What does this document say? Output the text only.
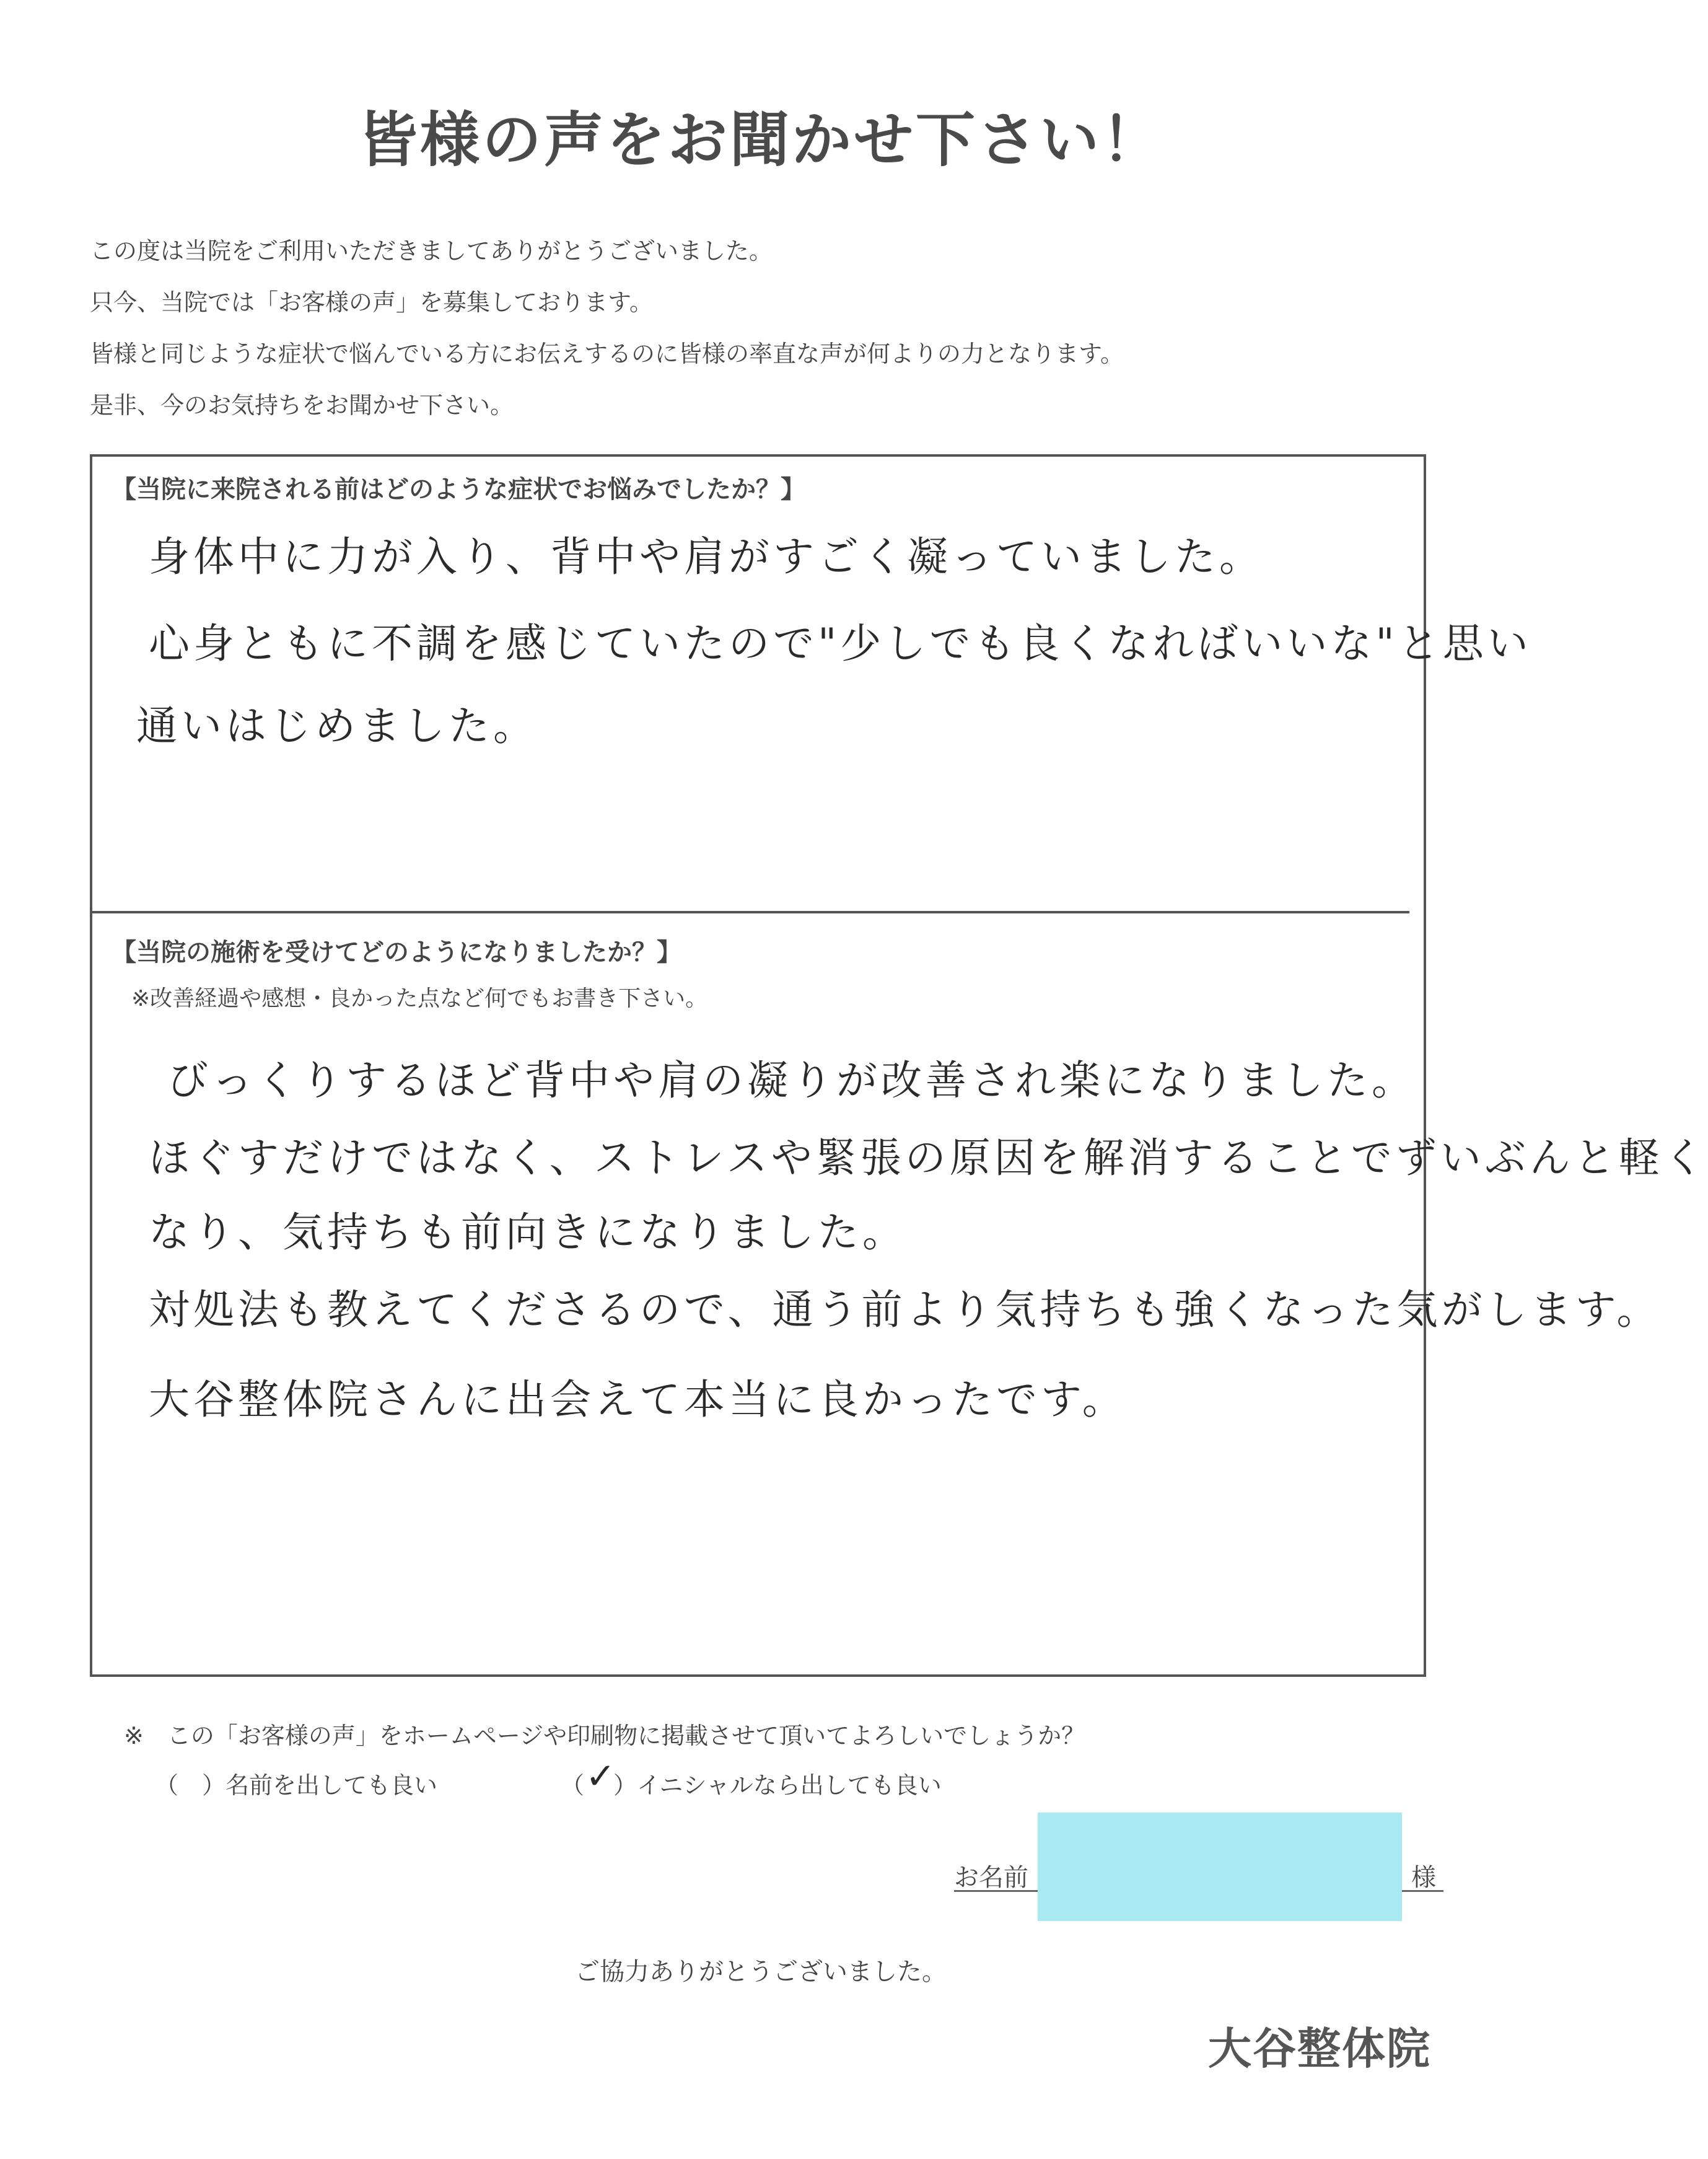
皆様の声をお聞かせ下さい！

この度は当院をご利用いただきましてありがとうございました。

只今、当院では「お客様の声」を募集しております。

皆様と同じような症状で悩んでいる方にお伝えするのに皆様の率直な声が何よりの力となります。

是非、今のお気持ちをお聞かせ下さい。

【当院に来院される前はどのような症状でお悩みでしたか？】
身体中に力が入り、背中や肩がすごく凝っていました。
心身ともに不調を感じていたので"少しでも良くなればいいな"と思い
通いはじめました。
【当院の施術を受けてどのようになりましたか？】
※改善経過や感想・良かった点など何でもお書き下さい。
びっくりするほど背中や肩の凝りが改善され楽になりました。
ほぐすだけではなく、ストレスや緊張の原因を解消することでずいぶんと軽く
なり、気持ちも前向きになりました。
対処法も教えてくださるので、通う前より気持ちも強くなった気がします。
大谷整体院さんに出会えて本当に良かったです。
※　この「お客様の声」をホームページや印刷物に掲載させて頂いてよろしいでしょうか？
（　）名前を出しても良い	（ ✓
）イニシャルなら出しても良い
お名前	様
ご協力ありがとうございました。
大谷整体院
